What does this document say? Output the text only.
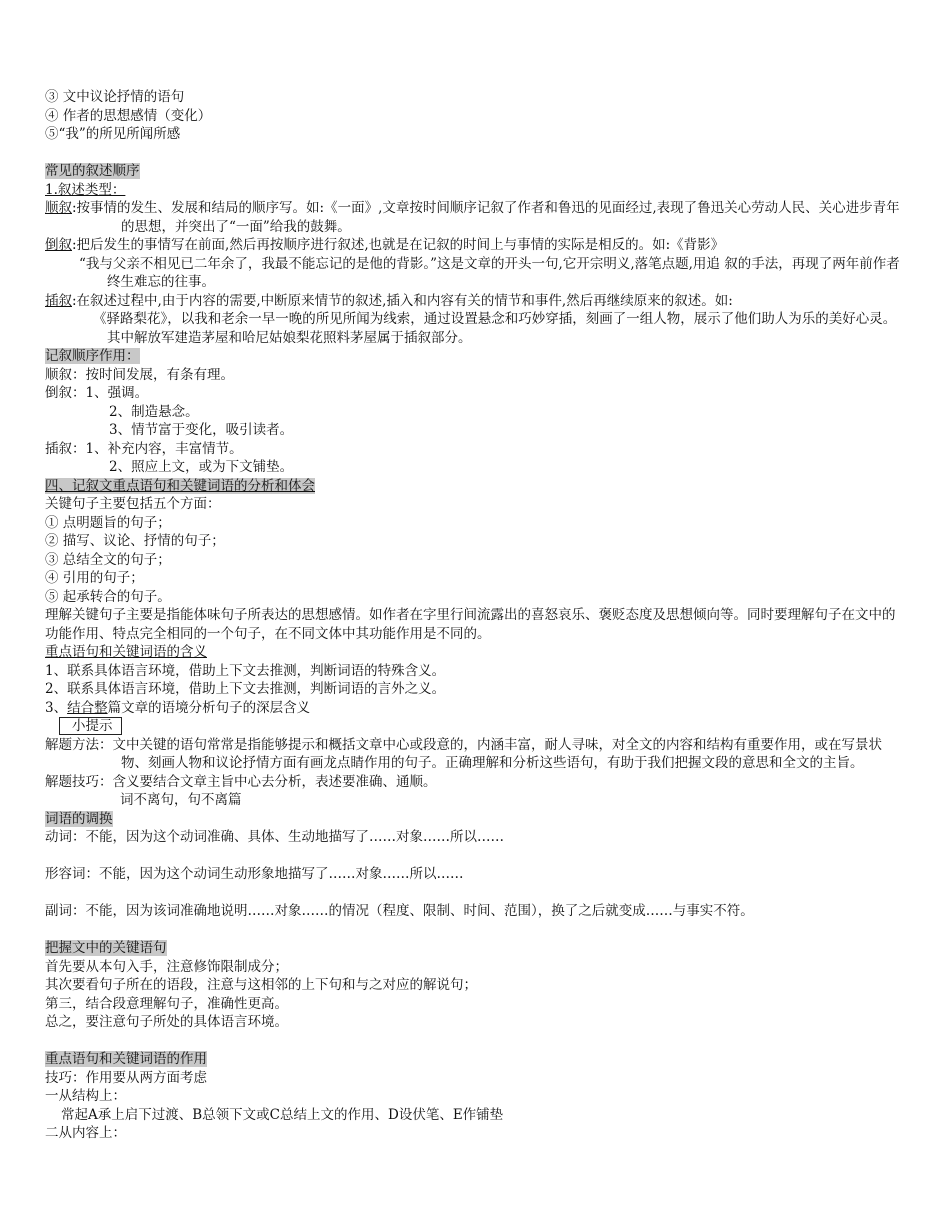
③ 文中议论抒情的语句
④ 作者的思想感情（变化）
⑤“我”的所见所闻所感
常见的叙述顺序
1.叙述类型：
顺叙:按事情的发生、发展和结局的顺序写。如:《一面》,文章按时间顺序记叙了作者和鲁迅的见面经过,表现了鲁迅关心劳动人民、关心进步青年的思想，并突出了“一面”给我的鼓舞。
倒叙:把后发生的事情写在前面,然后再按顺序进行叙述,也就是在记叙的时间上与事情的实际是相反的。如:《背影》
“我与父亲不相见已二年余了，我最不能忘记的是他的背影。”这是文章的开头一句,它开宗明义,落笔点题,用追 叙的手法，再现了两年前作者终生难忘的往事。
插叙:在叙述过程中,由于内容的需要,中断原来情节的叙述,插入和内容有关的情节和事件,然后再继续原来的叙述。如:
《驿路梨花》，以我和老余一早一晚的所见所闻为线索，通过设置悬念和巧妙穿插，刻画了一组人物，展示了他们助人为乐的美好心灵。其中解放军建造茅屋和哈尼姑娘梨花照料茅屋属于插叙部分。
记叙顺序作用：
顺叙：按时间发展，有条有理。
倒叙：1、强调。
2、制造悬念。
3、情节富于变化，吸引读者。
插叙：1、补充内容，丰富情节。
2、照应上文，或为下文铺垫。
四、记叙文重点语句和关键词语的分析和体会
关键句子主要包括五个方面：
① 点明题旨的句子；
② 描写、议论、抒情的句子；
③ 总结全文的句子；
④ 引用的句子；
⑤ 起承转合的句子。
理解关键句子主要是指能体味句子所表达的思想感情。如作者在字里行间流露出的喜怒哀乐、褒贬态度及思想倾向等。同时要理解句子在文中的功能作用、特点完全相同的一个句子，在不同文体中其功能作用是不同的。
重点语句和关键词语的含义
1、联系具体语言环境，借助上下文去推测，判断词语的特殊含义。
2、联系具体语言环境，借助上下文去推测，判断词语的言外之义。
3、结合整篇文章的语境分析句子的深层含义
小提示
解题方法：文中关键的语句常常是指能够提示和概括文章中心或段意的，内涵丰富，耐人寻味，对全文的内容和结构有重要作用，或在写景状物、刻画人物和议论抒情方面有画龙点睛作用的句子。正确理解和分析这些语句，有助于我们把握文段的意思和全文的主旨。
解题技巧：含义要结合文章主旨中心去分析，表述要准确、通顺。
词不离句，句不离篇
词语的调换
动词：不能，因为这个动词准确、具体、生动地描写了……对象……所以……
形容词：不能，因为这个动词生动形象地描写了……对象……所以……
副词：不能，因为该词准确地说明……对象……的情况（程度、限制、时间、范围），换了之后就变成……与事实不符。
把握文中的关键语句
首先要从本句入手，注意修饰限制成分；
其次要看句子所在的语段，注意与这相邻的上下句和与之对应的解说句；
第三，结合段意理解句子，准确性更高。
总之，要注意句子所处的具体语言环境。
重点语句和关键词语的作用
技巧：作用要从两方面考虑
一从结构上：
常起A承上启下过渡、B总领下文或C总结上文的作用、D设伏笔、E作铺垫
二从内容上：
